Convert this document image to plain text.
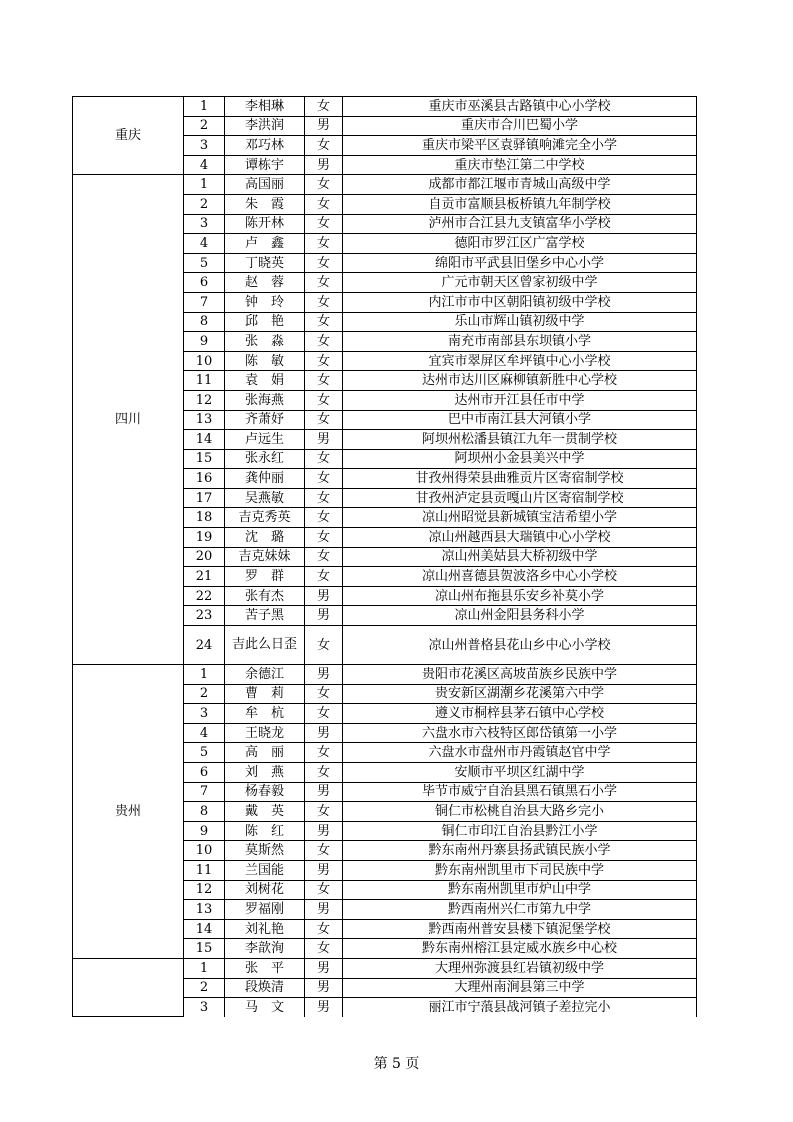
重庆	1	李相琳	女	重庆市巫溪县古路镇中心小学校
	2	李洪润	男	重庆市合川巴蜀小学
	3	邓巧林	女	重庆市梁平区袁驿镇响滩完全小学
	4	谭栋宇	男	重庆市垫江第二中学校
四川	1	高国丽	女	成都市都江堰市青城山高级中学
	2	朱　霞	女	自贡市富顺县板桥镇九年制学校
	3	陈开林	女	泸州市合江县九支镇富华小学校
	4	卢　鑫	女	德阳市罗江区广富学校
	5	丁晓英	女	绵阳市平武县旧堡乡中心小学
	6	赵　蓉	女	广元市朝天区曾家初级中学
	7	钟　玲	女	内江市市中区朝阳镇初级中学校
	8	邱　艳	女	乐山市辉山镇初级中学
	9	张　淼	女	南充市南部县东坝镇小学
	10	陈　敏	女	宜宾市翠屏区牟坪镇中心小学校
	11	袁　娟	女	达州市达川区麻柳镇新胜中心学校
	12	张海燕	女	达州市开江县任市中学
	13	齐萧妤	女	巴中市南江县大河镇小学
	14	卢远生	男	阿坝州松潘县镇江九年一贯制学校
	15	张永红	女	阿坝州小金县美兴中学
	16	龚仲丽	女	甘孜州得荣县曲雅贡片区寄宿制学校
	17	吴燕敏	女	甘孜州泸定县贡嘎山片区寄宿制学校
	18	吉克秀英	女	凉山州昭觉县新城镇宝洁希望小学
	19	沈　璐	女	凉山州越西县大瑞镇中心小学校
	20	吉克妹妹	女	凉山州美姑县大桥初级中学
	21	罗　群	女	凉山州喜德县贺波洛乡中心小学校
	22	张有杰	男	凉山州布拖县乐安乡补莫小学
	23	苦子黑	男	凉山州金阳县务科小学
	24	吉此么日歪	女	凉山州普格县花山乡中心小学校
贵州	1	余德江	男	贵阳市花溪区高坡苗族乡民族中学
	2	曹　莉	女	贵安新区湖潮乡花溪第六中学
	3	牟　杭	女	遵义市桐梓县茅石镇中心学校
	4	王晓龙	男	六盘水市六枝特区郎岱镇第一小学
	5	高　丽	女	六盘水市盘州市丹霞镇赵官中学
	6	刘　燕	女	安顺市平坝区红湖中学
	7	杨春毅	男	毕节市威宁自治县黑石镇黑石小学
	8	戴　英	女	铜仁市松桃自治县大路乡完小
	9	陈　红	男	铜仁市印江自治县黔江小学
	10	莫斯然	女	黔东南州丹寨县扬武镇民族小学
	11	兰国能	男	黔东南州凯里市下司民族中学
	12	刘树花	女	黔东南州凯里市炉山中学
	13	罗福刚	男	黔西南州兴仁市第九中学
	14	刘礼艳	女	黔西南州普安县楼下镇泥堡学校
	15	李歆洵	女	黔东南州榕江县定威水族乡中心校
	1	张　平	男	大理州弥渡县红岩镇初级中学
	2	段焕清	男	大理州南涧县第三中学
	3	马　文	男	丽江市宁蒗县战河镇子差拉完小
第 5 页
